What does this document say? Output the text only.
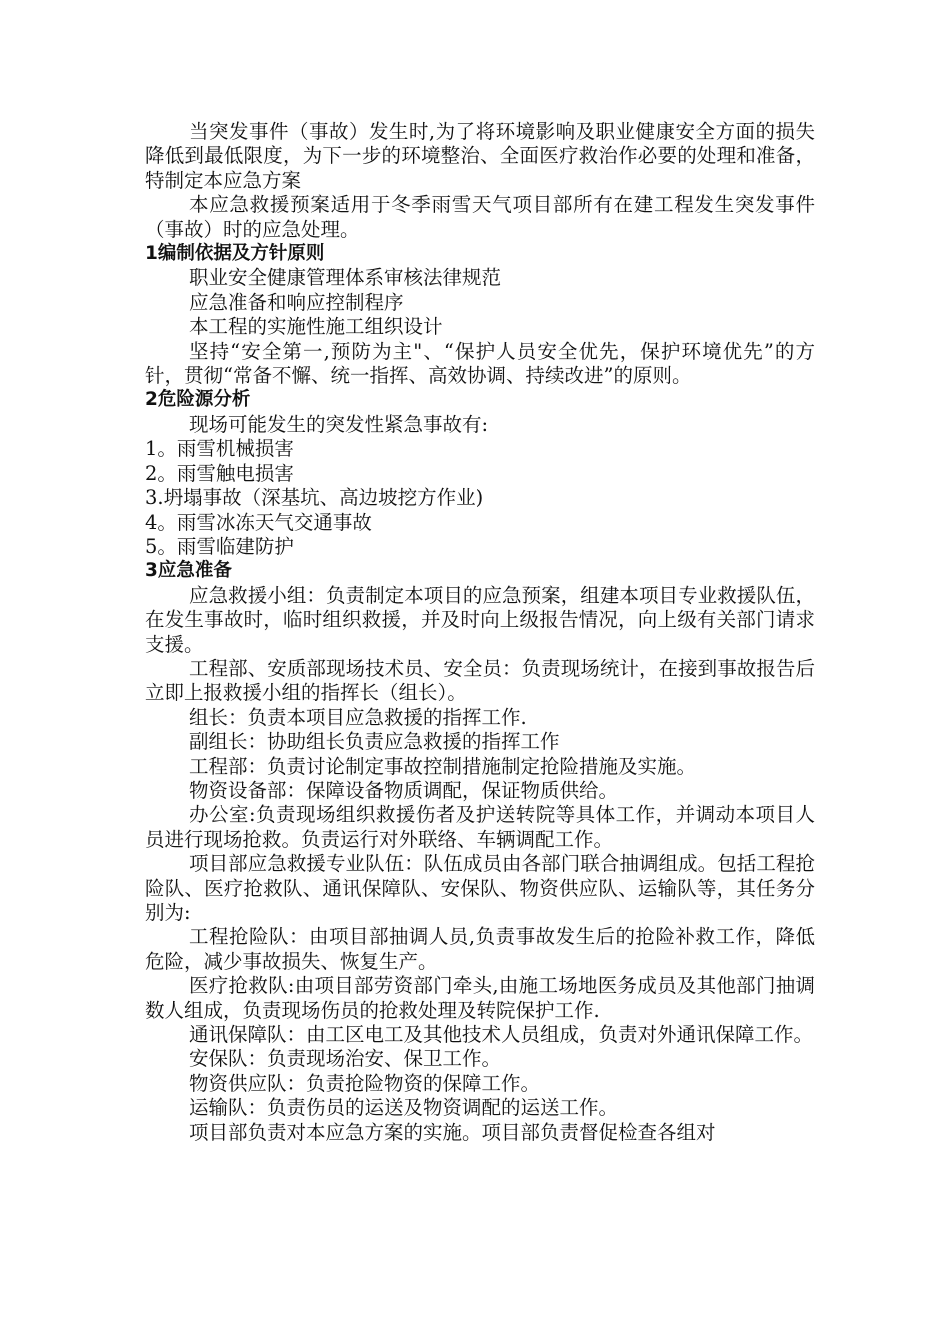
当突发事件（事故）发生时,为了将环境影响及职业健康安全方面的损失降低到最低限度，为下一步的环境整治、全面医疗救治作必要的处理和准备，特制定本应急方案

本应急救援预案适用于冬季雨雪天气项目部所有在建工程发生突发事件（事故）时的应急处理。

1编制依据及方针原则

职业安全健康管理体系审核法律规范

应急准备和响应控制程序

本工程的实施性施工组织设计

坚持“安全第一,预防为主"、“保护人员安全优先，保护环境优先”的方针，贯彻“常备不懈、统一指挥、高效协调、持续改进”的原则。

2危险源分析

现场可能发生的突发性紧急事故有:

1。雨雪机械损害

2。雨雪触电损害

3.坍塌事故（深基坑、高边坡挖方作业)

4。雨雪冰冻天气交通事故

5。雨雪临建防护

3应急准备

应急救援小组：负责制定本项目的应急预案，组建本项目专业救援队伍，在发生事故时，临时组织救援，并及时向上级报告情况，向上级有关部门请求支援。

工程部、安质部现场技术员、安全员：负责现场统计，在接到事故报告后立即上报救援小组的指挥长（组长）。

组长：负责本项目应急救援的指挥工作.

副组长：协助组长负责应急救援的指挥工作

工程部：负责讨论制定事故控制措施制定抢险措施及实施。

物资设备部：保障设备物质调配，保证物质供给。

办公室:负责现场组织救援伤者及护送转院等具体工作，并调动本项目人员进行现场抢救。负责运行对外联络、车辆调配工作。

项目部应急救援专业队伍：队伍成员由各部门联合抽调组成。包括工程抢险队、医疗抢救队、通讯保障队、安保队、物资供应队、运输队等，其任务分别为:

工程抢险队：由项目部抽调人员,负责事故发生后的抢险补救工作，降低危险，减少事故损失、恢复生产。

医疗抢救队:由项目部劳资部门牵头,由施工场地医务成员及其他部门抽调数人组成，负责现场伤员的抢救处理及转院保护工作.

通讯保障队：由工区电工及其他技术人员组成，负责对外通讯保障工作。

安保队：负责现场治安、保卫工作。

物资供应队：负责抢险物资的保障工作。

运输队：负责伤员的运送及物资调配的运送工作。

项目部负责对本应急方案的实施。项目部负责督促检查各组对
